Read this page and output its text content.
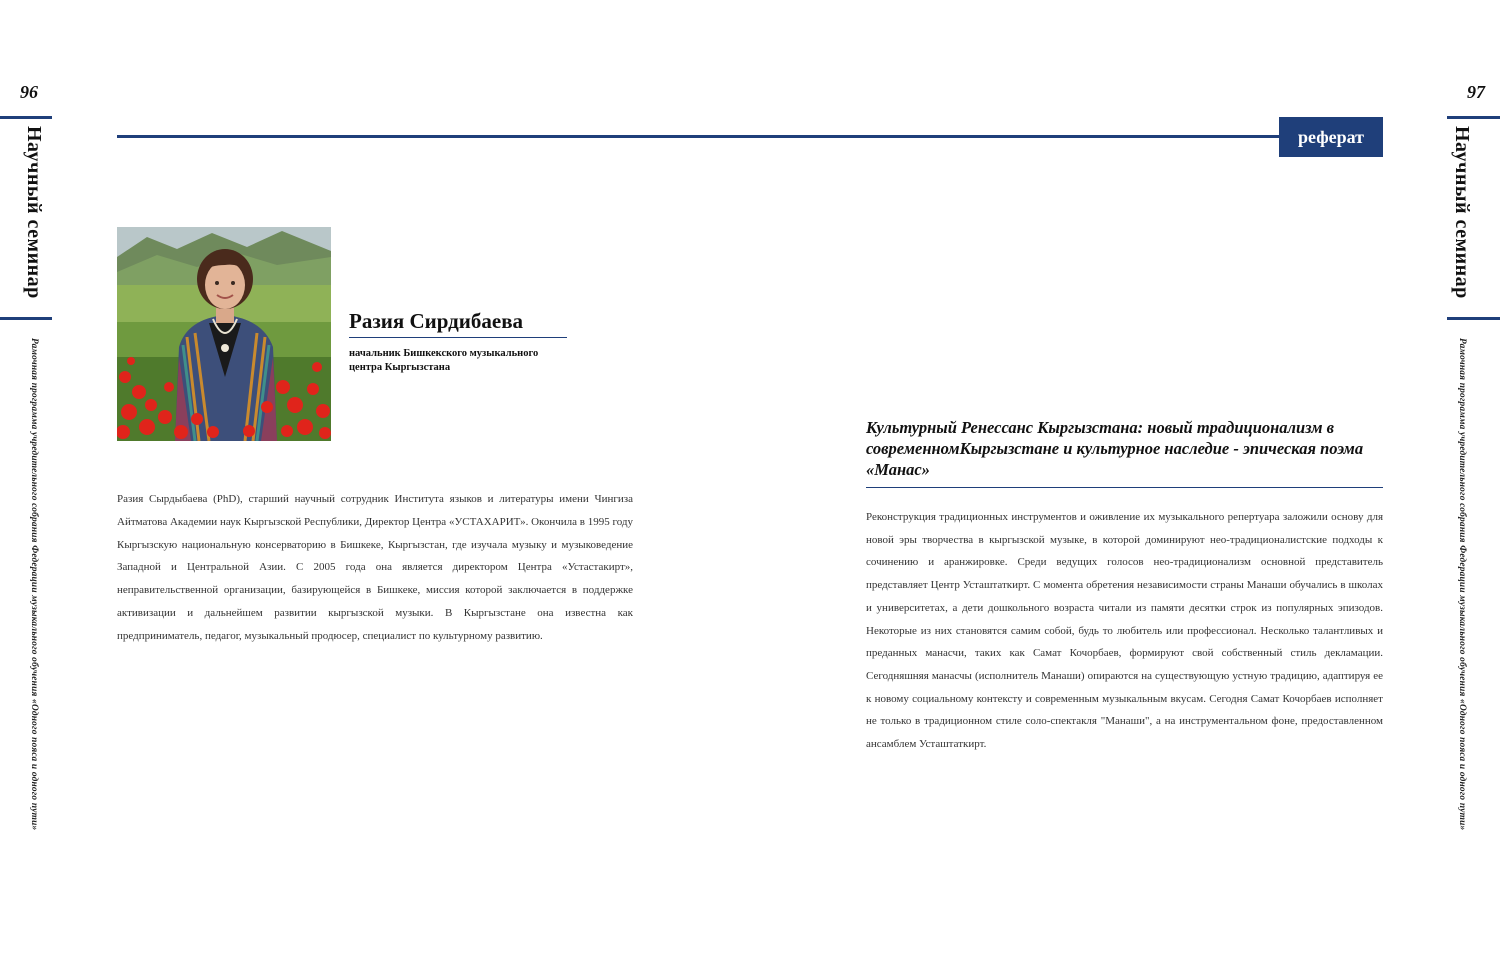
96
Научный семинар
Рамочная программа учредительного собрания Федерации музыкального обучения «Одного пояса и одного пути»
97
Научный семинар
Рамочная программа учредительного собрания Федерации музыкального обучения «Одного пояса и одного пути»
реферат
Разия Сирдибаева
начальник Бишкекского музыкального центра Кыргызстана
Разия Сырдыбаева (PhD), старший научный сотрудник Института языков и литературы имени Чингиза Айтматова Академии наук Кыргызской Республики, Директор Центра «УСТАХАРИТ». Окончила в 1995 году Кыргызскую национальную консерваторию в Бишкеке, Кыргызстан, где изучала музыку и музыковедение Западной и Центральной Азии. С 2005 года она является директором Центра «Устастакирт», неправительственной организации, базирующейся в Бишкеке, миссия которой заключается в поддержке активизации и дальнейшем развитии кыргызской музыки. В Кыргызстане она известна как предприниматель, педагог, музыкальный продюсер, специалист по культурному развитию.
Культурный Ренессанс Кыргызстана: новый традиционализм в современномКыргызстане и культурное наследие - эпическая поэма «Манас»
Реконструкция традиционных инструментов и оживление их музыкального репертуара заложили основу для новой эры творчества в кыргызской музыке, в которой доминируют нео-традиционалистские подходы к сочинению и аранжировке. Среди ведущих голосов нео-традиционализм основной представитель представляет Центр Усташтаткирт. С момента обретения независимости страны Манаши обучались в школах и университетах, а дети дошкольного возраста читали из памяти десятки строк из популярных эпизодов. Некоторые из них становятся самим собой, будь то любитель или профессионал. Несколько талантливых и преданных манасчи, таких как Самат Кочорбаев, формируют свой собственный стиль декламации. Сегодняшняя манасчы (исполнитель Манаши) опираются на существующую устную традицию, адаптируя ее к новому социальному контексту и современным музыкальным вкусам. Сегодня Самат Кочорбаев исполняет не только в традиционном стиле соло-спектакля "Манаши", а на инструментальном фоне, предоставленном ансамблем Усташтаткирт.
